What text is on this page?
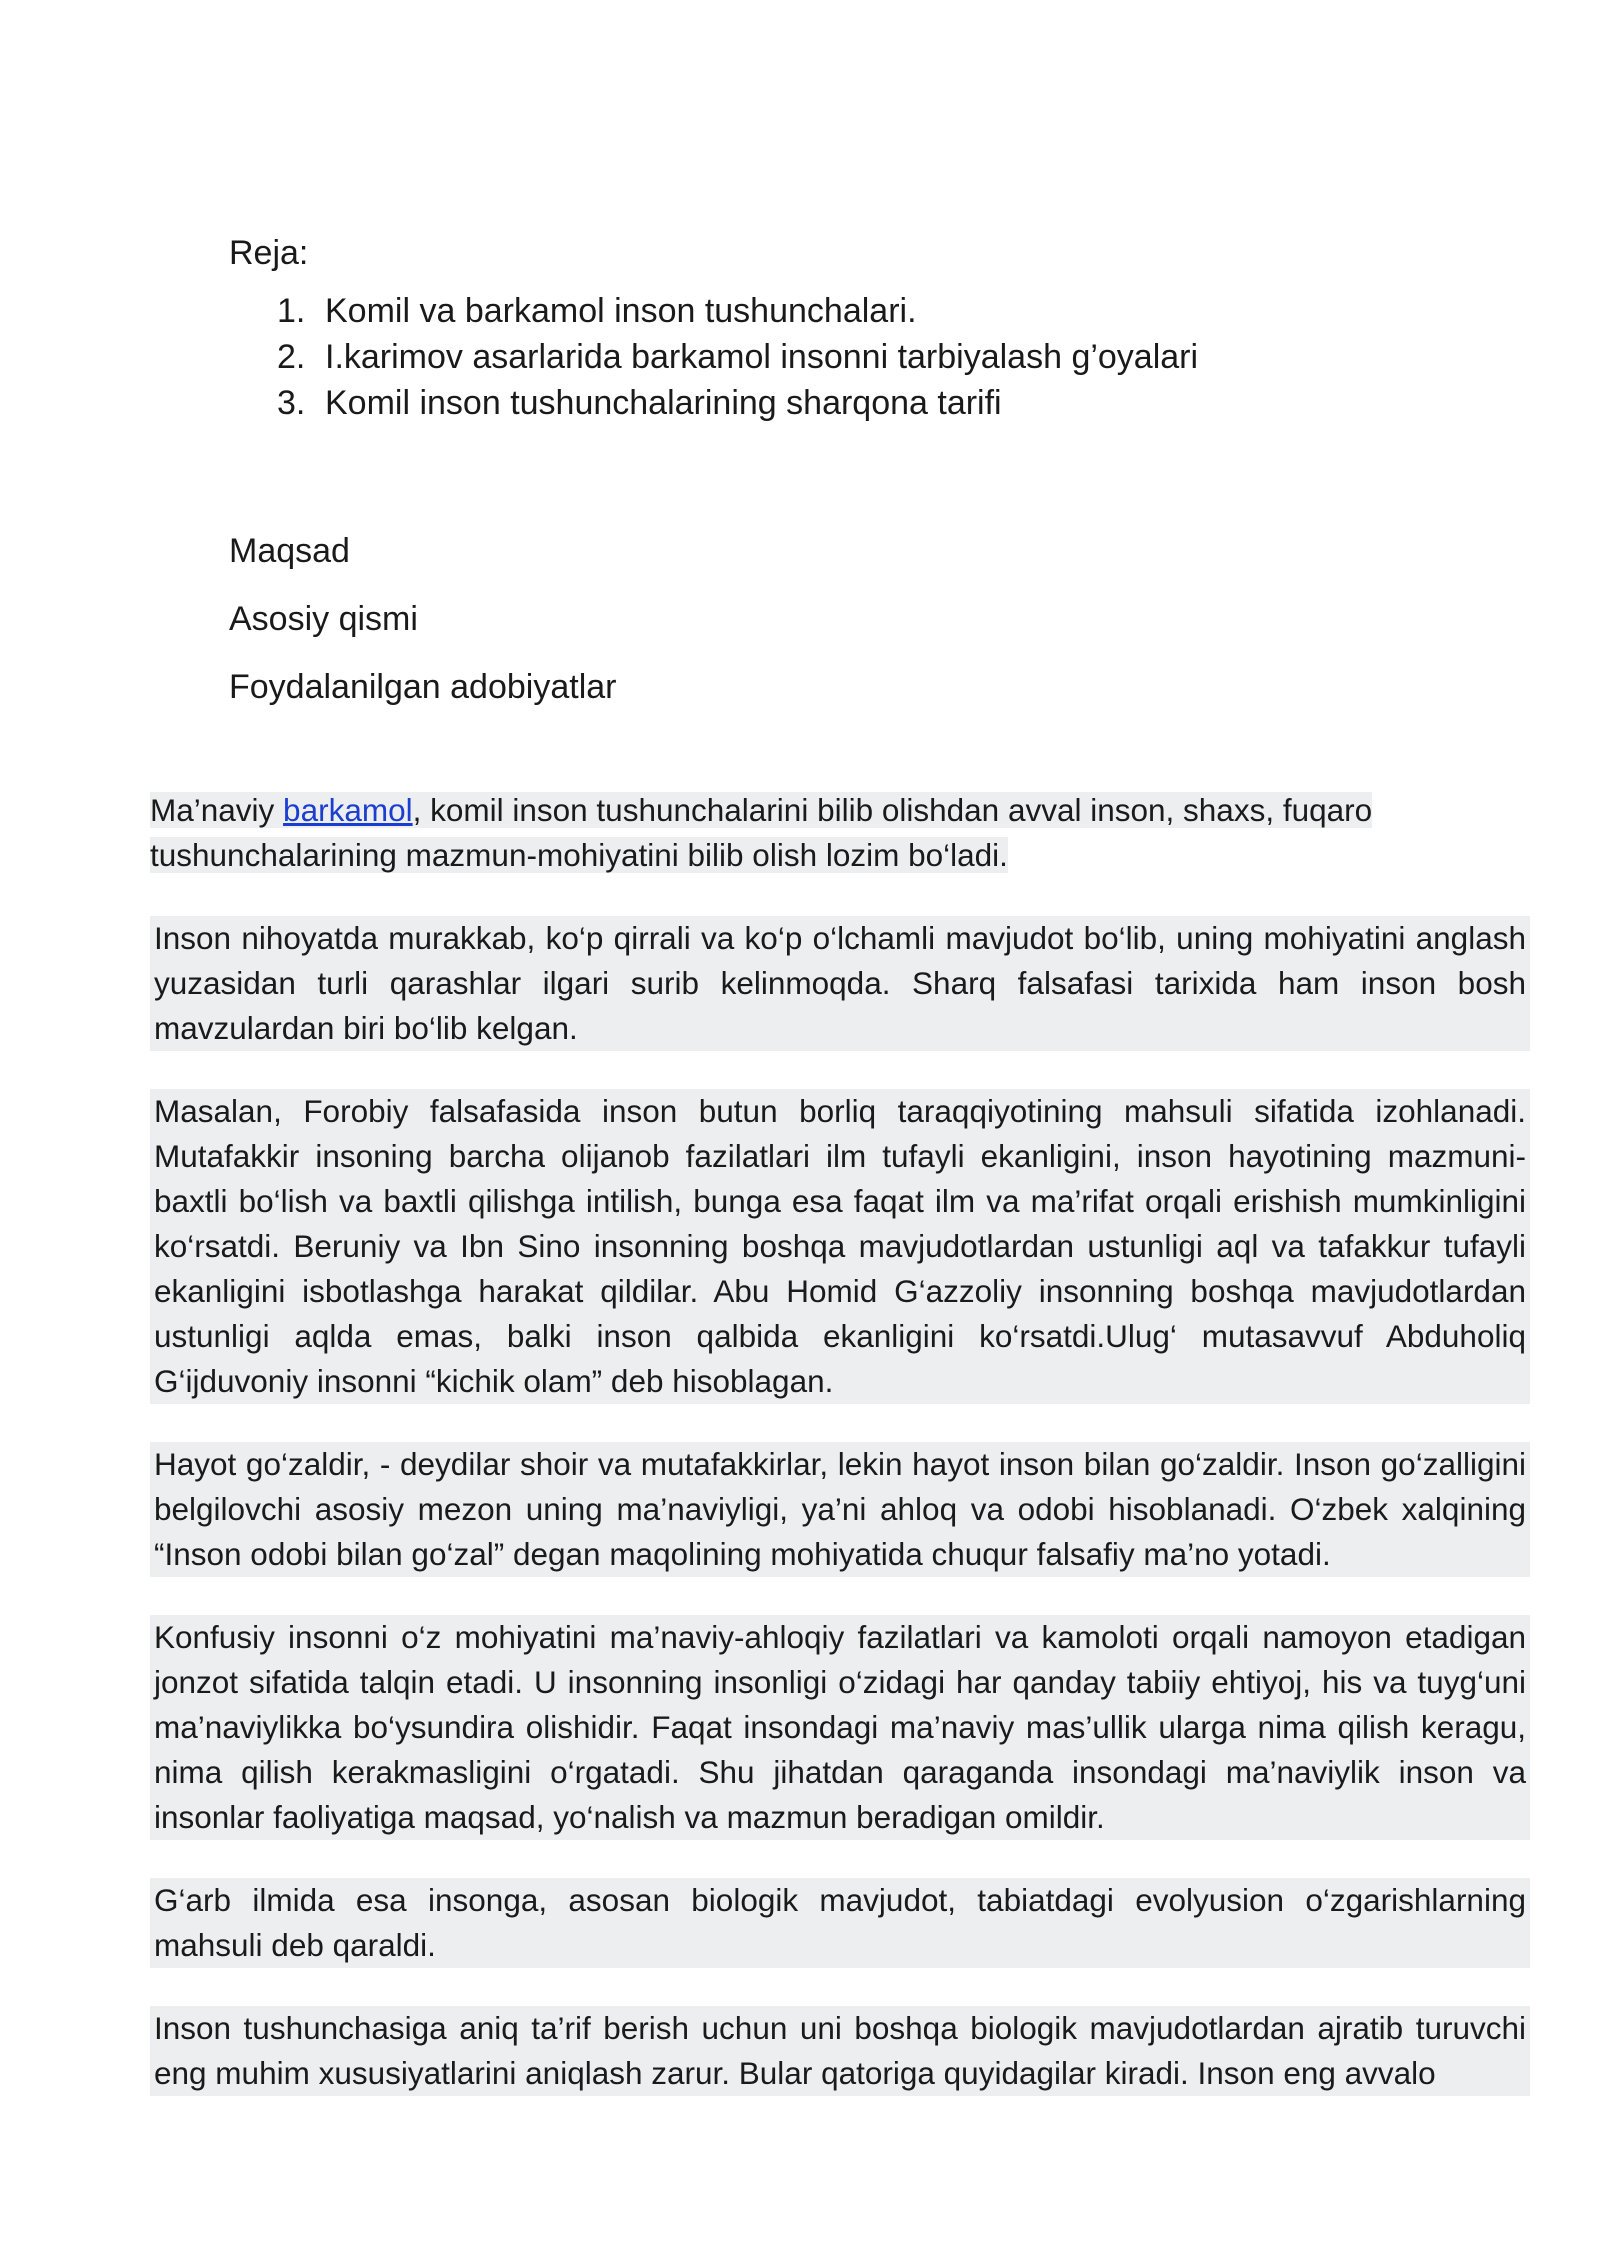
Reja:
1. Komil va barkamol inson tushunchalari.
2. I.karimov asarlarida barkamol insonni tarbiyalash g’oyalari
3. Komil inson tushunchalarining sharqona tarifi
Maqsad
Asosiy qismi
Foydalanilgan adobiyatlar
Ma’naviy barkamol, komil inson tushunchalarini bilib olishdan avval inson, shaxs, fuqaro
tushunchalarining mazmun-mohiyatini bilib olish lozim bo‘ladi.

Inson nihoyatda murakkab, ko‘p qirrali va ko‘p o‘lchamli mavjudot bo‘lib, uning mohiyatini anglash yuzasidan turli qarashlar ilgari surib kelinmoqda. Sharq falsafasi tarixida ham inson bosh mavzulardan biri bo‘lib kelgan.

Masalan, Forobiy falsafasida inson butun borliq taraqqiyotining mahsuli sifatida izohlanadi. Mutafakkir insoning barcha olijanob fazilatlari ilm tufayli ekanligini, inson hayotining mazmuni- baxtli bo‘lish va baxtli qilishga intilish, bunga esa faqat ilm va ma’rifat orqali erishish mumkinligini ko‘rsatdi. Beruniy va Ibn Sino insonning boshqa mavjudotlardan ustunligi aql va tafakkur tufayli ekanligini isbotlashga harakat qildilar. Abu Homid G‘azzoliy insonning boshqa mavjudotlardan ustunligi aqlda emas, balki inson qalbida ekanligini ko‘rsatdi.Ulug‘ mutasavvuf Abduholiq G‘ijduvoniy insonni “kichik olam” deb hisoblagan.

Hayot go‘zaldir, - deydilar shoir va mutafakkirlar, lekin hayot inson bilan go‘zaldir. Inson go‘zalligini belgilovchi asosiy mezon uning ma’naviyligi, ya’ni ahloq va odobi hisoblanadi. O‘zbek xalqining “Inson odobi bilan go‘zal” degan maqolining mohiyatida chuqur falsafiy ma’no yotadi.

Konfusiy insonni o‘z mohiyatini ma’naviy-ahloqiy fazilatlari va kamoloti orqali namoyon etadigan jonzot sifatida talqin etadi. U insonning insonligi o‘zidagi har qanday tabiiy ehtiyoj, his va tuyg‘uni ma’naviylikka bo‘ysundira olishidir. Faqat insondagi ma’naviy mas’ullik ularga nima qilish keragu, nima qilish kerakmasligini o‘rgatadi. Shu jihatdan qaraganda insondagi ma’naviylik inson va insonlar faoliyatiga maqsad, yo‘nalish va mazmun beradigan omildir.

G‘arb ilmida esa insonga, asosan biologik mavjudot, tabiatdagi evolyusion o‘zgarishlarning mahsuli deb qaraldi.

Inson tushunchasiga aniq ta’rif berish uchun uni boshqa biologik mavjudotlardan ajratib turuvchi eng muhim xususiyatlarini aniqlash zarur. Bular qatoriga quyidagilar kiradi. Inson eng avvalo
